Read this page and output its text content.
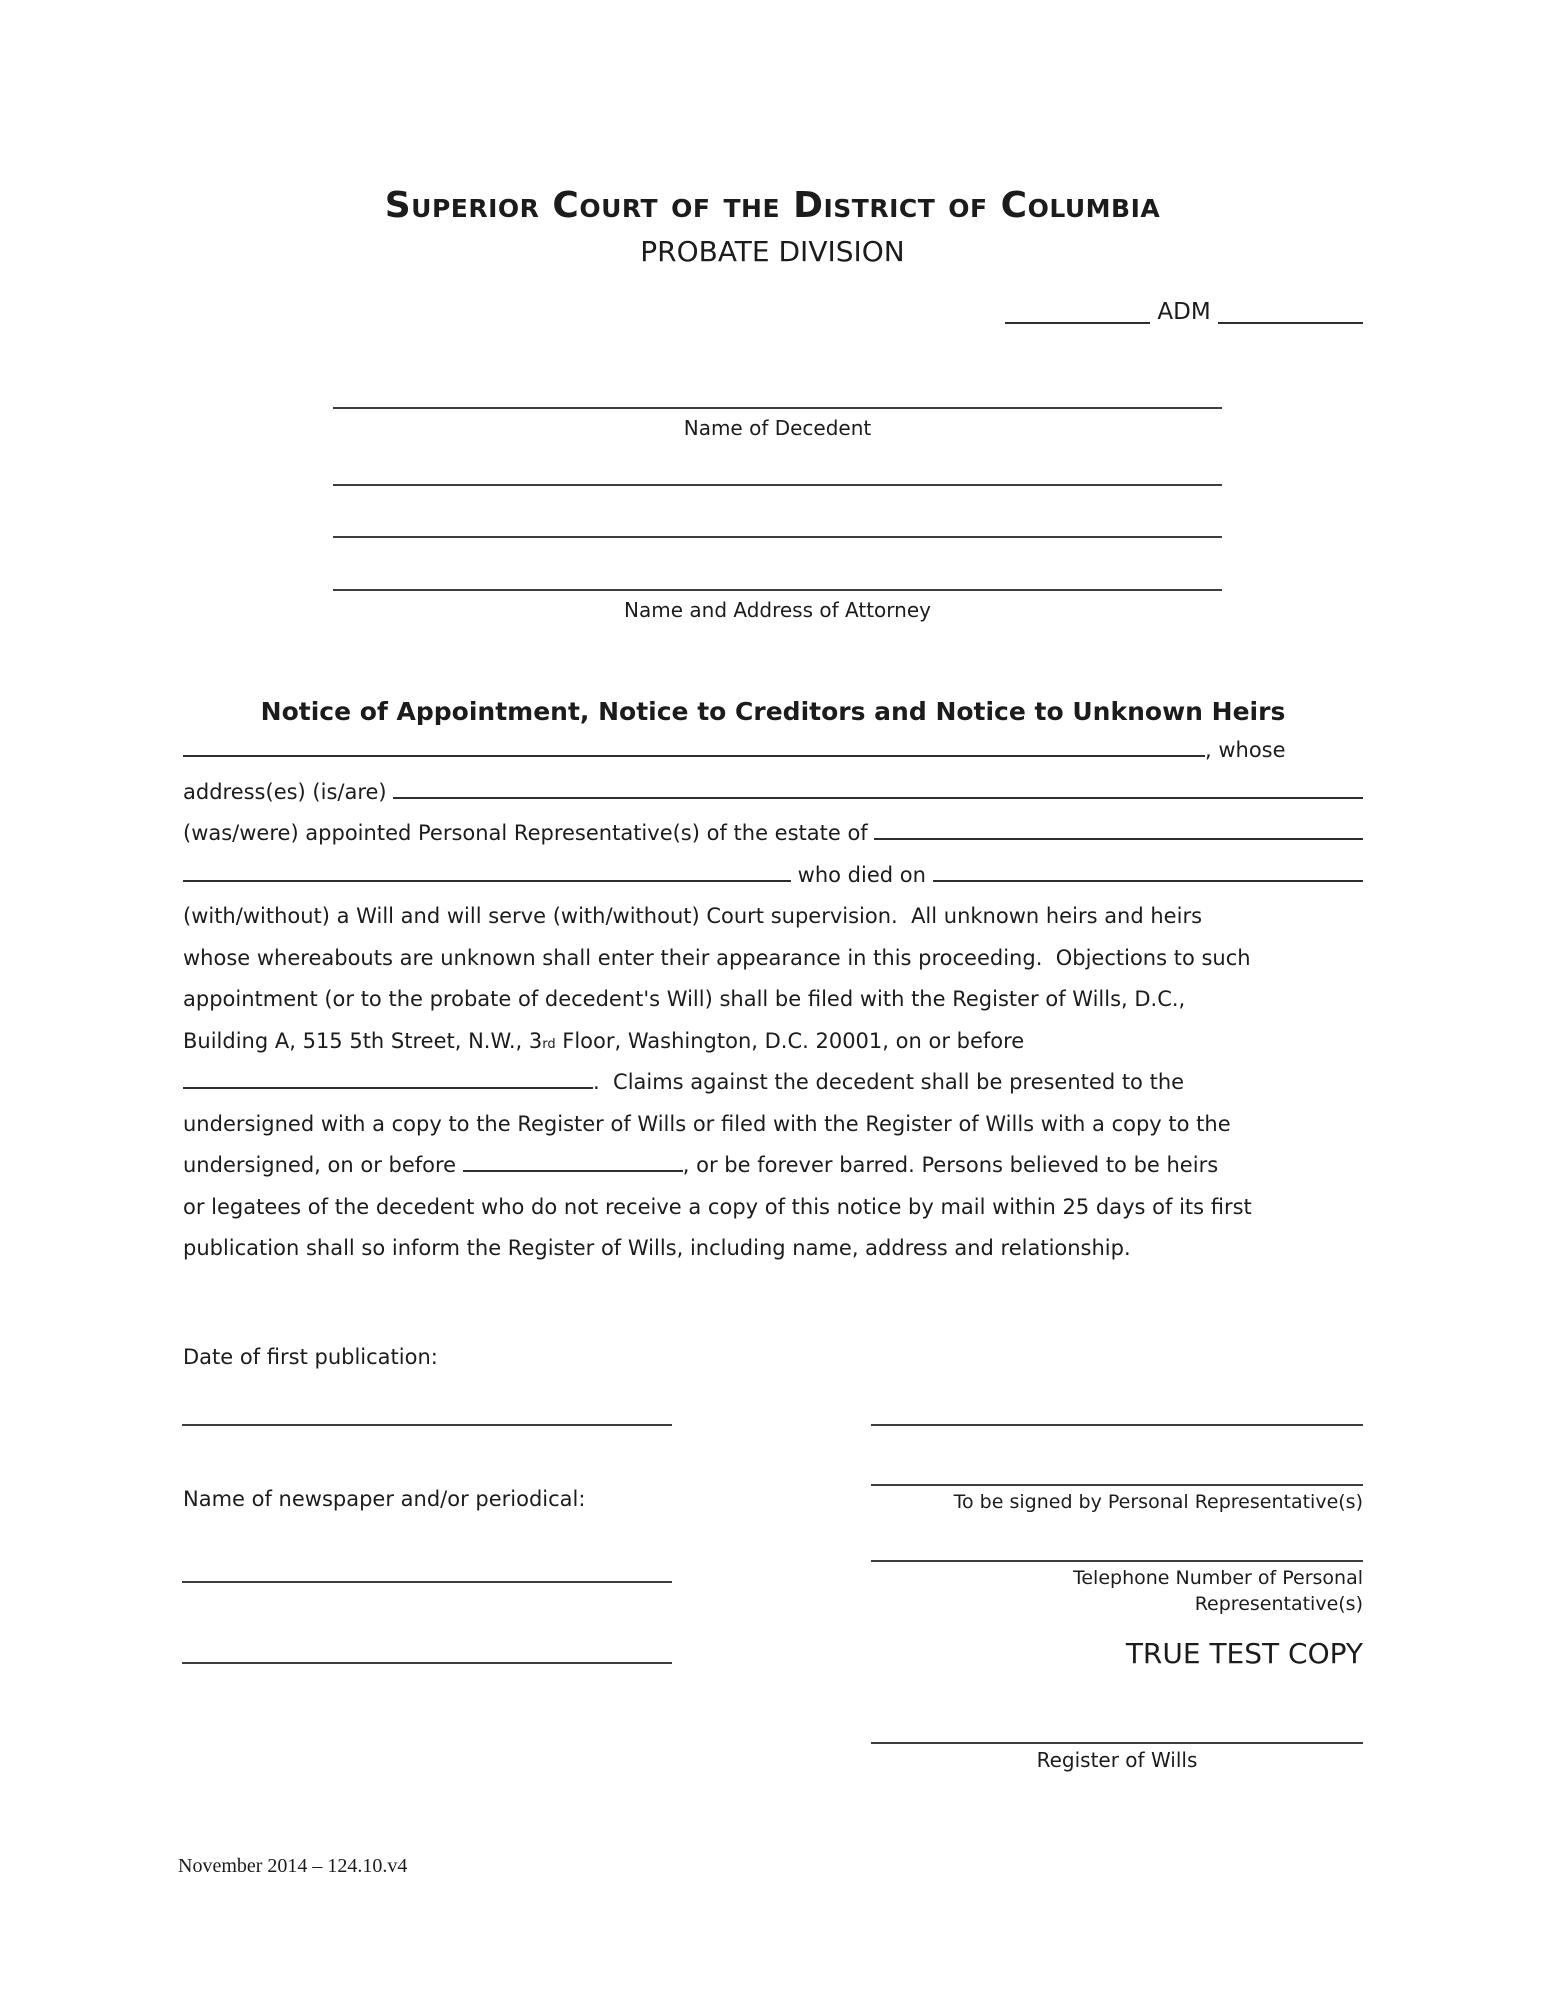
Superior Court of the District of Columbia
PROBATE DIVISION
ADM
Name of Decedent
Name and Address of Attorney
Notice of Appointment, Notice to Creditors and Notice to Unknown Heirs
, whose
address(es) (is/are)
(was/were) appointed Personal Representative(s) of the estate of
who died on
(with/without) a Will and will serve (with/without) Court supervision.  All unknown heirs and heirs
whose whereabouts are unknown shall enter their appearance in this proceeding.  Objections to such
appointment (or to the probate of decedent's Will) shall be filed with the Register of Wills, D.C.,
Building A, 515 5th Street, N.W., 3 rd Floor, Washington, D.C. 20001, on or before
.  Claims against the decedent shall be presented to the
undersigned with a copy to the Register of Wills or filed with the Register of Wills with a copy to the
undersigned, on or before	, or be forever barred. Persons believed to be heirs
or legatees of the decedent who do not receive a copy of this notice by mail within 25 days of its first
publication shall so inform the Register of Wills, including name, address and relationship.
Date of first publication:
Name of newspaper and/or periodical:	To be signed by Personal Representative(s)
Telephone Number of Personal
Representative(s)
TRUE TEST COPY
Register of Wills
November 2014 – 124.10.v4
